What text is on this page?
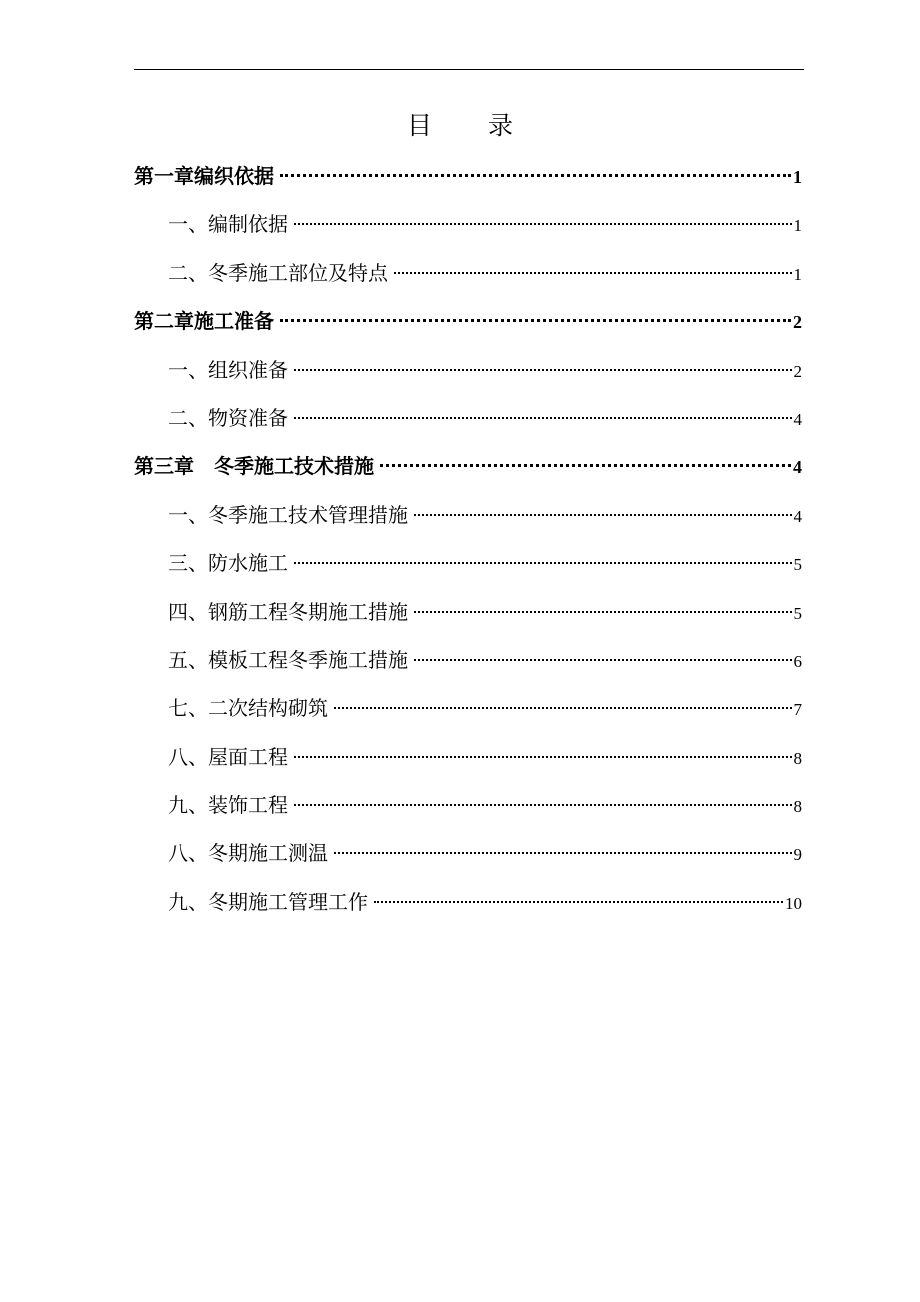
目 录
第一章编织依据	1
一、编制依据	1
二、冬季施工部位及特点	1
第二章施工准备	2
一、组织准备	2
二、物资准备	4
第三章　冬季施工技术措施	4
一、冬季施工技术管理措施	4
三、防水施工	5
四、钢筋工程冬期施工措施	5
五、模板工程冬季施工措施	6
七、二次结构砌筑	7
八、屋面工程	8
九、装饰工程	8
八、冬期施工测温	9
九、冬期施工管理工作	10
